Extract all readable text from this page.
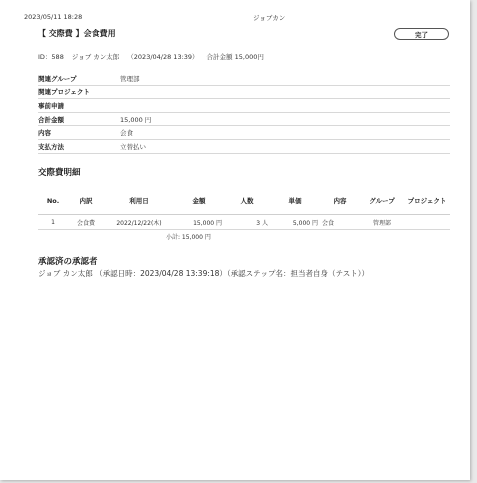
2023/05/11 18:28	ジョブカン
【 交際費 】会食費用	完了
ID：588 ジョブ カン太郎 （2023/04/28 13:39） 合計金額 15,000円
関連グループ	管理部
関連プロジェクト	
事前申請	
合計金額	15,000 円
内容	会食
支払方法	立替払い
交際費明細
No.	内訳	利用日	金額	人数	単価	内容	グループ	プロジェクト
1	会食費	2022/12/22(木)	15,000 円	3 人	5,000 円	会食	管理部	
小計: 15,000 円
承認済の承認者
ジョブ カン太郎 （承認日時：2023/04/28 13:39:18）（承認ステップ名：担当者自身（テスト））
